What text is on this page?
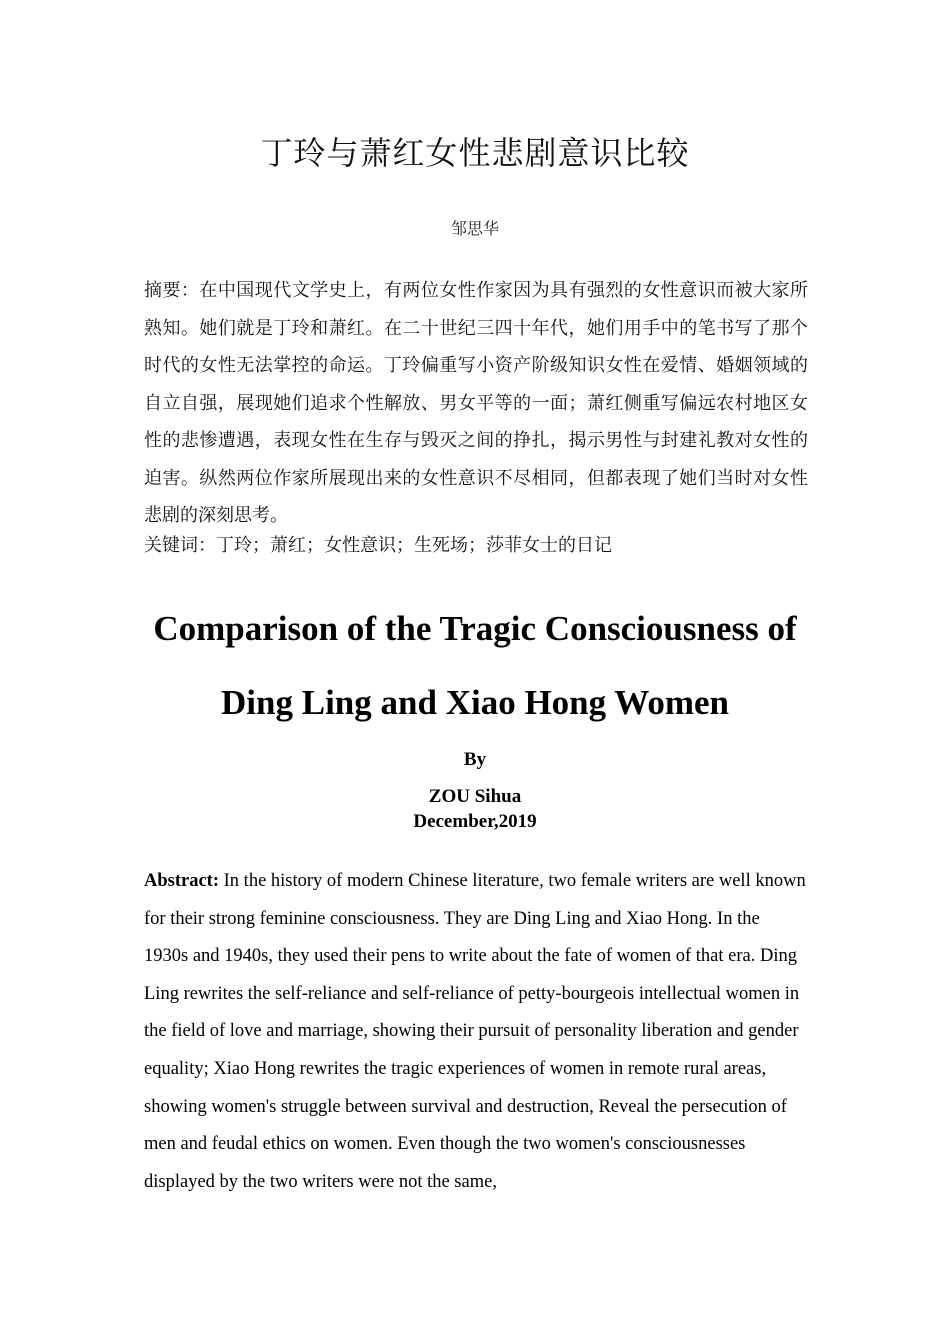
丁玲与萧红女性悲剧意识比较
邹思华
摘要：在中国现代文学史上，有两位女性作家因为具有强烈的女性意识而被大家所熟知。她们就是丁玲和萧红。在二十世纪三四十年代，她们用手中的笔书写了那个时代的女性无法掌控的命运。丁玲偏重写小资产阶级知识女性在爱情、婚姻领域的自立自强，展现她们追求个性解放、男女平等的一面；萧红侧重写偏远农村地区女性的悲惨遭遇，表现女性在生存与毁灭之间的挣扎，揭示男性与封建礼教对女性的迫害。纵然两位作家所展现出来的女性意识不尽相同，但都表现了她们当时对女性悲剧的深刻思考。
关键词：丁玲；萧红；女性意识；生死场；莎菲女士的日记
Comparison of the Tragic Consciousness of
Ding Ling and Xiao Hong Women
By
ZOU Sihua
December,2019
Abstract: In the history of modern Chinese literature, two female writers are well known for their strong feminine consciousness. They are Ding Ling and Xiao Hong. In the 1930s and 1940s, they used their pens to write about the fate of women of that era. Ding Ling rewrites the self-reliance and self-reliance of petty-bourgeois intellectual women in the field of love and marriage, showing their pursuit of personality liberation and gender equality; Xiao Hong rewrites the tragic experiences of women in remote rural areas, showing women's struggle between survival and destruction, Reveal the persecution of men and feudal ethics on women. Even though the two women's consciousnesses displayed by the two writers were not the same,
